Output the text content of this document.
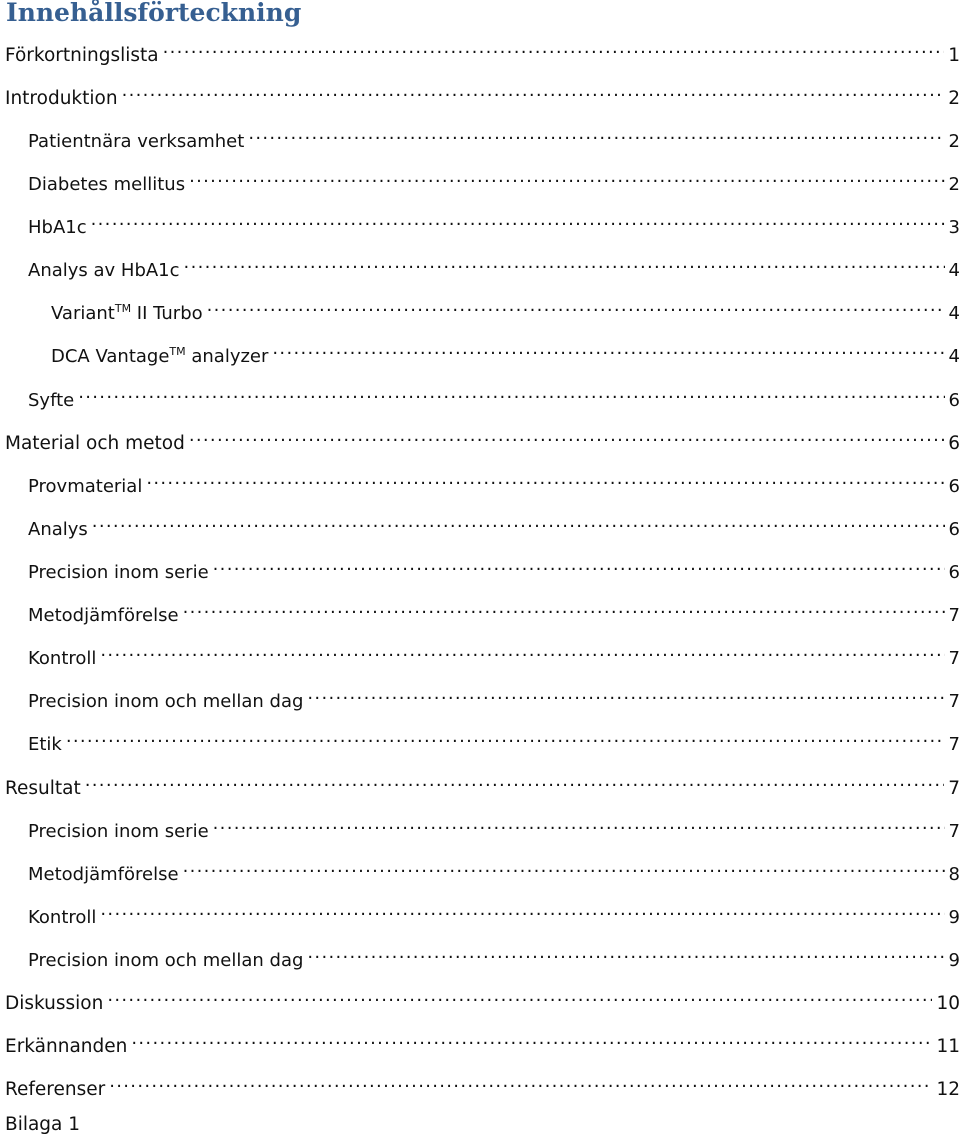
Innehållsförteckning
Förkortningslista .....	1
Introduktion .....	2
Patientnära verksamhet .....	2
Diabetes mellitus .....	2
HbA1c .....	3
Analys av HbA1c .....	4
Variant™ II Turbo .....	4
DCA Vantage™ analyzer .....	4
Syfte .....	6
Material och metod .....	6
Provmaterial .....	6
Analys .....	6
Precision inom serie .....	6
Metodjämförelse .....	7
Kontroll .....	7
Precision inom och mellan dag .....	7
Etik .....	7
Resultat .....	7
Precision inom serie .....	7
Metodjämförelse .....	8
Kontroll .....	9
Precision inom och mellan dag .....	9
Diskussion .....	10
Erkännanden .....	11
Referenser .....	12
Bilaga 1
